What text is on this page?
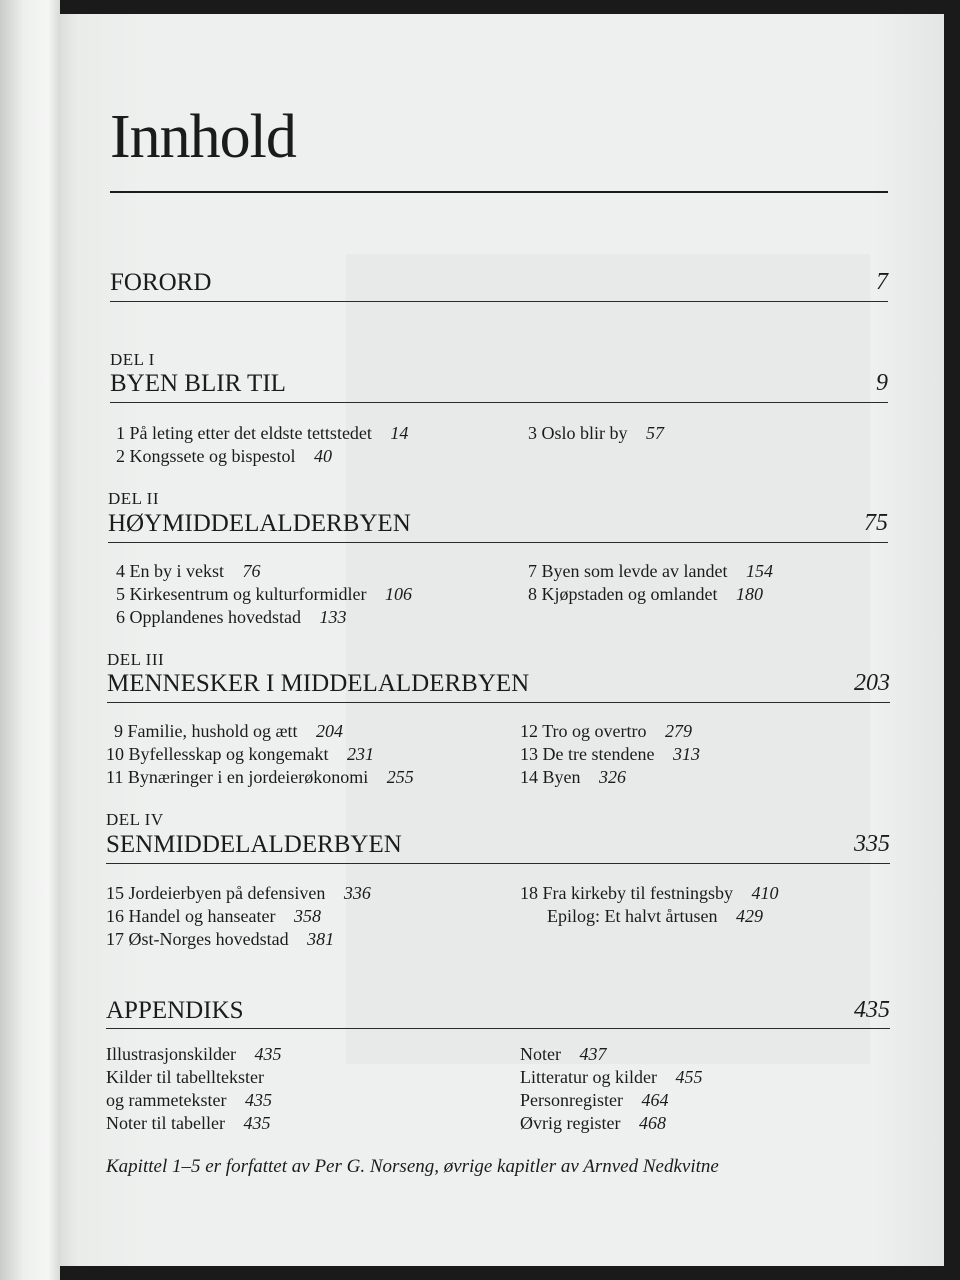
Innhold
FORORD	7
DEL I
BYEN BLIR TIL	9
1 På leting etter det eldste tettstedet 14
2 Kongssete og bispestol 40
3 Oslo blir by 57
DEL II
HØYMIDDELALDERBYEN	75
4 En by i vekst 76
5 Kirkesentrum og kulturformidler 106
6 Opplandenes hovedstad 133
7 Byen som levde av landet 154
8 Kjøpstaden og omlandet 180
DEL III
MENNESKER I MIDDELALDERBYEN	203
9 Familie, hushold og ætt 204
10 Byfellesskap og kongemakt 231
11 Bynæringer i en jordeierøkonomi 255
12 Tro og overtro 279
13 De tre stendene 313
14 Byen 326
DEL IV
SENMIDDELALDERBYEN	335
15 Jordeierbyen på defensiven 336
16 Handel og hanseater 358
17 Øst-Norges hovedstad 381
18 Fra kirkeby til festningsby 410
Epilog: Et halvt årtusen 429
APPENDIKS	435
Illustrasjonskilder 435
Kilder til tabelltekster
og rammetekster 435
Noter til tabeller 435
Noter 437
Litteratur og kilder 455
Personregister 464
Øvrig register 468
Kapittel 1–5 er forfattet av Per G. Norseng, øvrige kapitler av Arnved Nedkvitne
